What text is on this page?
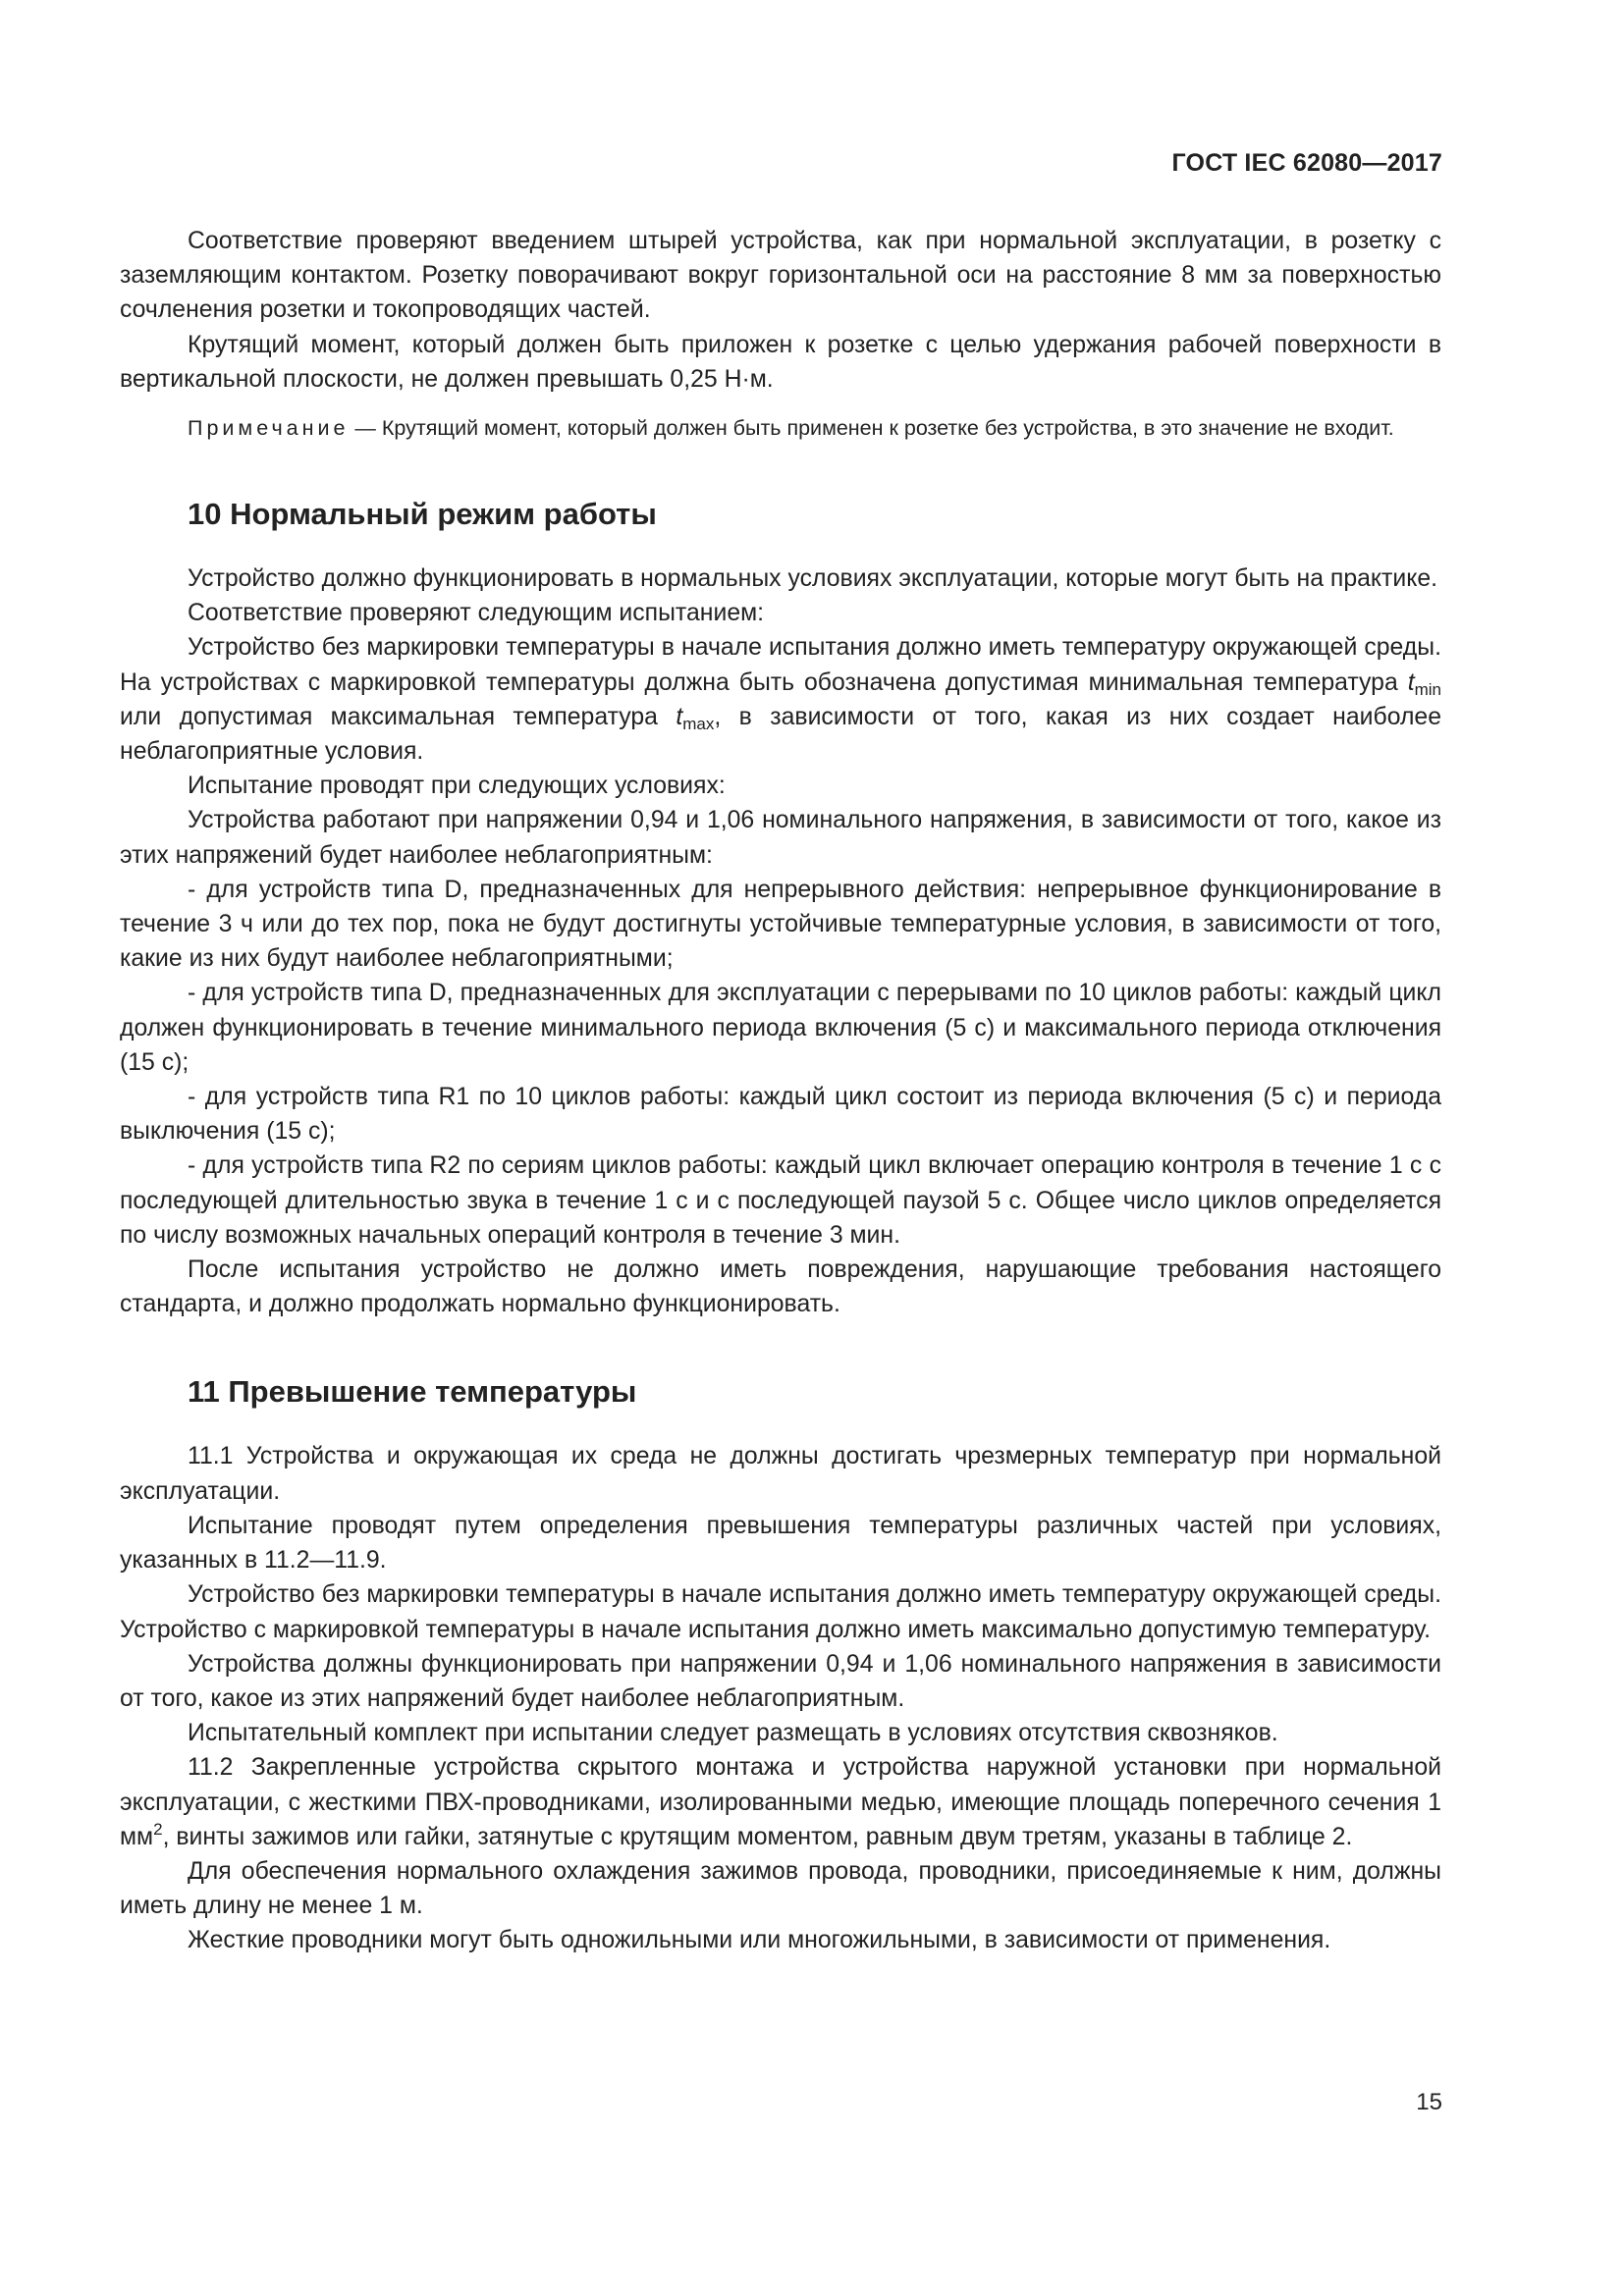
ГОСТ IEC 62080—2017

Соответствие проверяют введением штырей устройства, как при нормальной эксплуатации, в розетку с заземляющим контактом. Розетку поворачивают вокруг горизонтальной оси на расстояние 8 мм за поверхностью сочленения розетки и токопроводящих частей.

Крутящий момент, который должен быть приложен к розетке с целью удержания рабочей поверхности в вертикальной плоскости, не должен превышать 0,25 Н·м.

Примечание — Крутящий момент, который должен быть применен к розетке без устройства, в это значение не входит.

10 Нормальный режим работы

Устройство должно функционировать в нормальных условиях эксплуатации, которые могут быть на практике.

Соответствие проверяют следующим испытанием:

Устройство без маркировки температуры в начале испытания должно иметь температуру окружающей среды. На устройствах с маркировкой температуры должна быть обозначена допустимая минимальная температура $t_{min}$ или допустимая максимальная температура $t_{max}$, в зависимости от того, какая из них создает наиболее неблагоприятные условия.

Испытание проводят при следующих условиях:

Устройства работают при напряжении 0,94 и 1,06 номинального напряжения, в зависимости от того, какое из этих напряжений будет наиболее неблагоприятным:

- для устройств типа D, предназначенных для непрерывного действия: непрерывное функционирование в течение 3 ч или до тех пор, пока не будут достигнуты устойчивые температурные условия, в зависимости от того, какие из них будут наиболее неблагоприятными;

- для устройств типа D, предназначенных для эксплуатации с перерывами по 10 циклов работы: каждый цикл должен функционировать в течение минимального периода включения (5 с) и максимального периода отключения (15 с);

- для устройств типа R1 по 10 циклов работы: каждый цикл состоит из периода включения (5 с) и периода выключения (15 с);

- для устройств типа R2 по сериям циклов работы: каждый цикл включает операцию контроля в течение 1 с с последующей длительностью звука в течение 1 с и с последующей паузой 5 с. Общее число циклов определяется по числу возможных начальных операций контроля в течение 3 мин.

После испытания устройство не должно иметь повреждения, нарушающие требования настоящего стандарта, и должно продолжать нормально функционировать.

11 Превышение температуры

11.1 Устройства и окружающая их среда не должны достигать чрезмерных температур при нормальной эксплуатации.

Испытание проводят путем определения превышения температуры различных частей при условиях, указанных в 11.2—11.9.

Устройство без маркировки температуры в начале испытания должно иметь температуру окружающей среды. Устройство с маркировкой температуры в начале испытания должно иметь максимально допустимую температуру.

Устройства должны функционировать при напряжении 0,94 и 1,06 номинального напряжения в зависимости от того, какое из этих напряжений будет наиболее неблагоприятным.

Испытательный комплект при испытании следует размещать в условиях отсутствия сквозняков.

11.2 Закрепленные устройства скрытого монтажа и устройства наружной установки при нормальной эксплуатации, с жесткими ПВХ-проводниками, изолированными медью, имеющие площадь поперечного сечения 1 $мм^2$, винты зажимов или гайки, затянутые с крутящим моментом, равным двум третям, указаны в таблице 2.

Для обеспечения нормального охлаждения зажимов провода, проводники, присоединяемые к ним, должны иметь длину не менее 1 м.

Жесткие проводники могут быть одножильными или многожильными, в зависимости от применения.

15
